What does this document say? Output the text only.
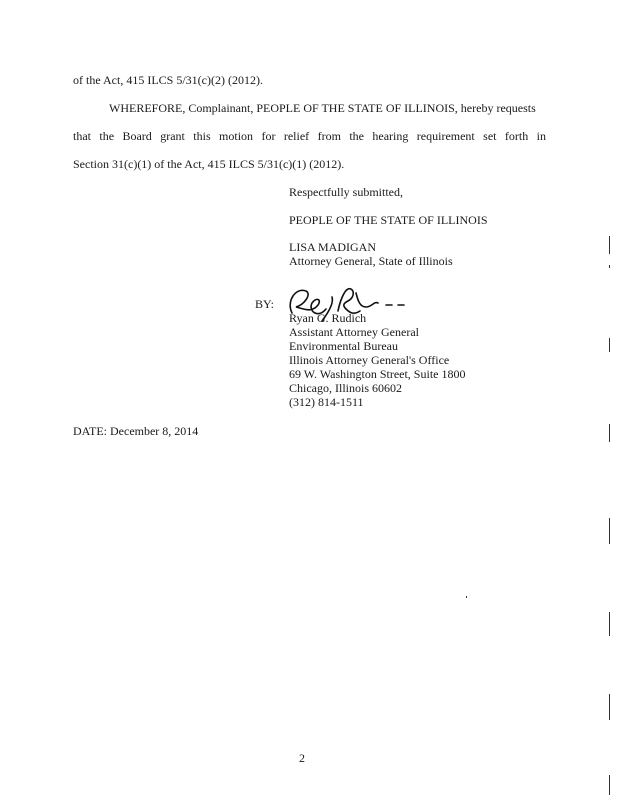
of the Act, 415 ILCS 5/31(c)(2) (2012).
WHEREFORE, Complainant, PEOPLE OF THE STATE OF ILLINOIS, hereby requests
that the Board grant this motion for relief from the hearing requirement set forth in
Section 31(c)(1) of the Act, 415 ILCS 5/31(c)(1) (2012).
Respectfully submitted,
PEOPLE OF THE STATE OF ILLINOIS
LISA MADIGAN
Attorney General, State of Illinois
BY:
Ryan G. Rudich
Assistant Attorney General
Environmental Bureau
Illinois Attorney General's Office
69 W. Washington Street, Suite 1800
Chicago, Illinois 60602
(312) 814-1511
DATE: December 8, 2014
2
